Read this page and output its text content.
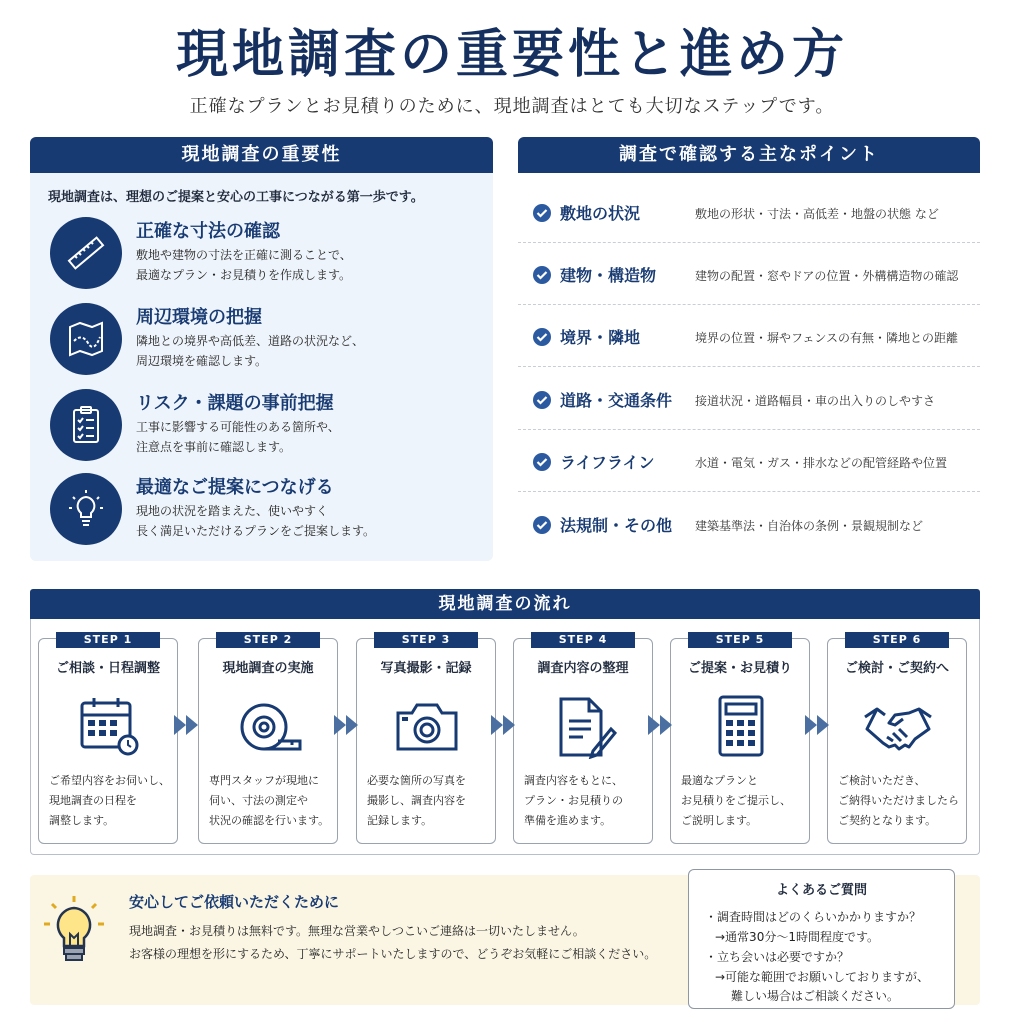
現地調査の重要性と進め方
正確なプランとお見積りのために、現地調査はとても大切なステップです。
現地調査の重要性
現地調査は、理想のご提案と安心の工事につながる第一歩です。
正確な寸法の確認
敷地や建物の寸法を正確に測ることで、
最適なプラン・お見積りを作成します。
周辺環境の把握
隣地との境界や高低差、道路の状況など、
周辺環境を確認します。
リスク・課題の事前把握
工事に影響する可能性のある箇所や、
注意点を事前に確認します。
最適なご提案につなげる
現地の状況を踏まえた、使いやすく
長く満足いただけるプランをご提案します。
調査で確認する主なポイント
敷地の状況	敷地の形状・寸法・高低差・地盤の状態 など
建物・構造物	建物の配置・窓やドアの位置・外構構造物の確認
境界・隣地	境界の位置・塀やフェンスの有無・隣地との距離
道路・交通条件 接道状況・道路幅員・車の出入りのしやすさ
ライフライン	水道・電気・ガス・排水などの配管経路や位置
法規制・その他 建築基準法・自治体の条例・景観規制など
現地調査の流れ
ご相談・日程調整
ご希望内容をお伺いし、
現地調査の日程を
調整します。
STEP 1
現地調査の実施
専門スタッフが現地に
伺い、寸法の測定や
状況の確認を行います。
STEP 2
写真撮影・記録
必要な箇所の写真を
撮影し、調査内容を
記録します。
STEP 3
調査内容の整理
調査内容をもとに、
プラン・お見積りの
準備を進めます。
STEP 4
ご提案・お見積り
最適なプランと
お見積りをご提示し、
ご説明します。
STEP 5
ご検討・ご契約へ
ご検討いただき、
ご納得いただけましたら
ご契約となります。
STEP 6
安心してご依頼いただくために
現地調査・お見積りは無料です。無理な営業やしつこいご連絡は一切いたしません。
お客様の理想を形にするため、丁寧にサポートいたしますので、どうぞお気軽にご相談ください。
よくあるご質問
・調査時間はどのくらいかかりますか？
→通常30分〜1時間程度です。
・立ち会いは必要ですか？
→可能な範囲でお願いしておりますが、
難しい場合はご相談ください。
